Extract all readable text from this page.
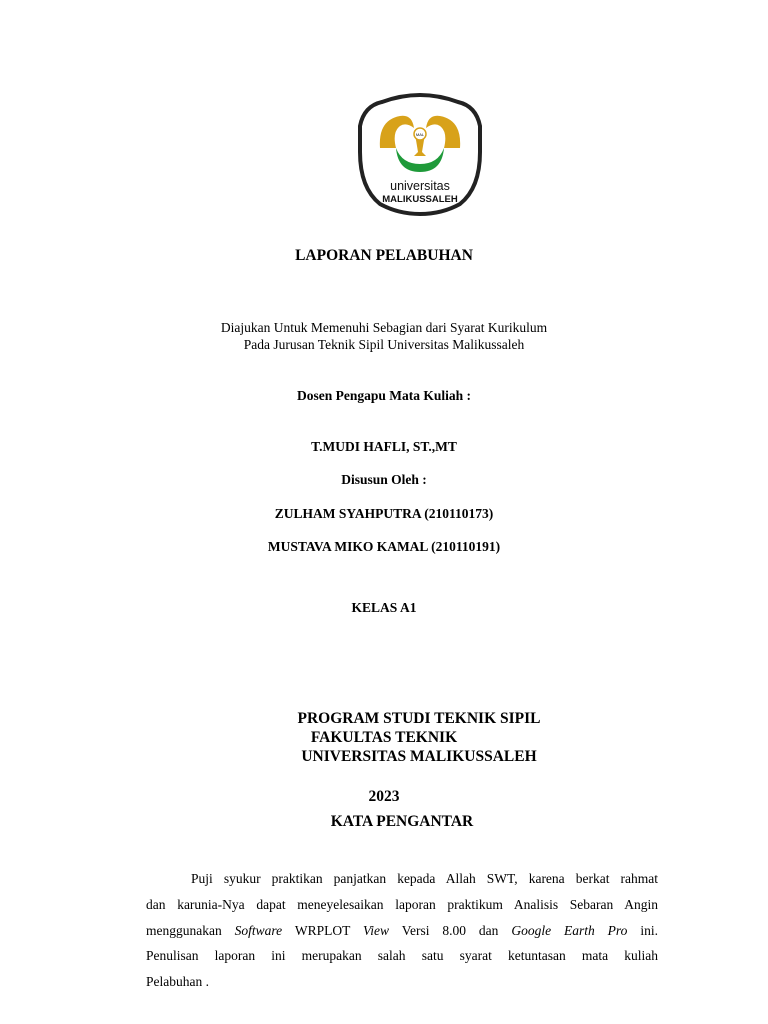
MAL
universitas
MALIKUSSALEH
LAPORAN PELABUHAN
Diajukan Untuk Memenuhi Sebagian dari Syarat Kurikulum
Pada Jurusan Teknik Sipil Universitas Malikussaleh
Dosen Pengapu Mata Kuliah :
T.MUDI HAFLI, ST.,MT
Disusun Oleh :
ZULHAM SYAHPUTRA (210110173)
MUSTAVA MIKO KAMAL (210110191)
KELAS A1
PROGRAM STUDI TEKNIK SIPIL
FAKULTAS TEKNIK
UNIVERSITAS MALIKUSSALEH
2023
KATA PENGANTAR
Puji syukur praktikan panjatkan kepada Allah SWT, karena berkat rahmat
dan karunia-Nya dapat meneyelesaikan laporan praktikum Analisis Sebaran Angin
menggunakan Software WRPLOT View Versi 8.00 dan Google Earth Pro ini.
Penulisan laporan ini merupakan salah satu syarat ketuntasan mata kuliah
Pelabuhan .
